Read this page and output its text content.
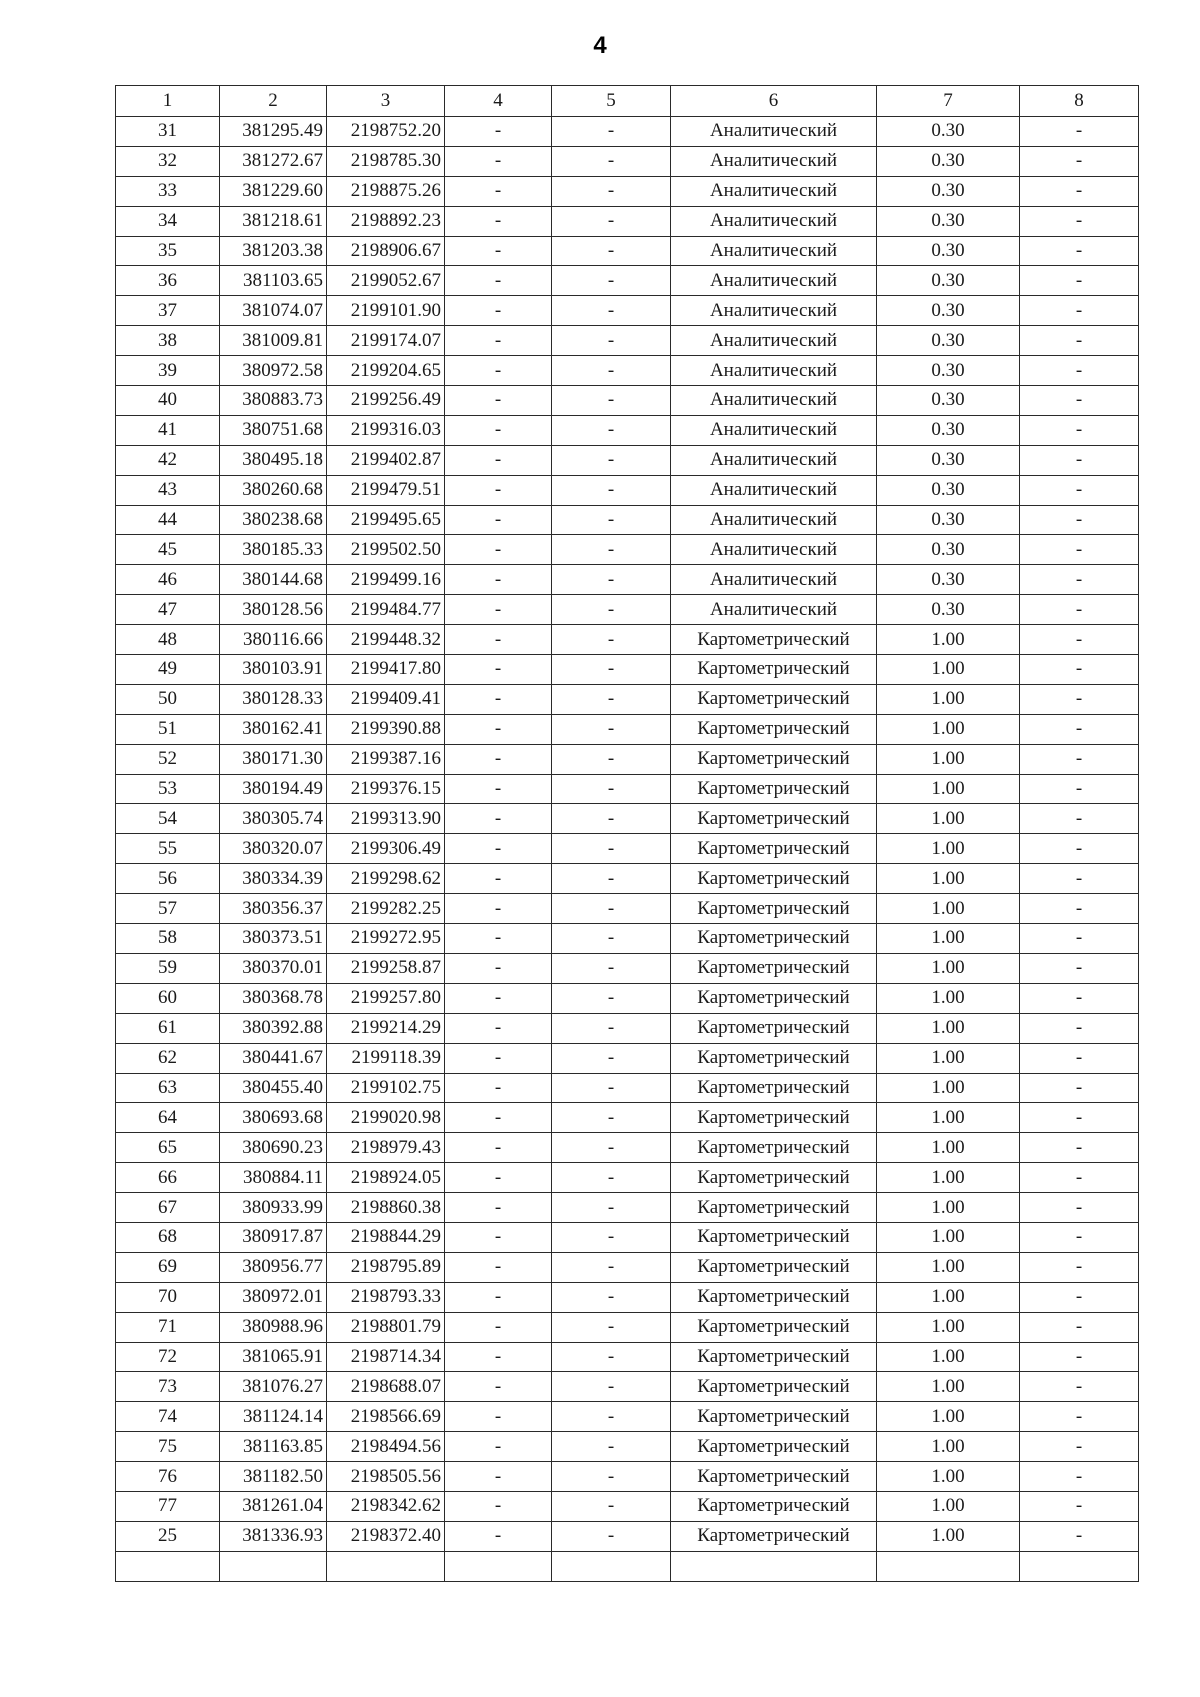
4
1	2	3	4	5	6	7	8
31	381295.49	2198752.20	-	-	Аналитический	0.30	-
32	381272.67	2198785.30	-	-	Аналитический	0.30	-
33	381229.60	2198875.26	-	-	Аналитический	0.30	-
34	381218.61	2198892.23	-	-	Аналитический	0.30	-
35	381203.38	2198906.67	-	-	Аналитический	0.30	-
36	381103.65	2199052.67	-	-	Аналитический	0.30	-
37	381074.07	2199101.90	-	-	Аналитический	0.30	-
38	381009.81	2199174.07	-	-	Аналитический	0.30	-
39	380972.58	2199204.65	-	-	Аналитический	0.30	-
40	380883.73	2199256.49	-	-	Аналитический	0.30	-
41	380751.68	2199316.03	-	-	Аналитический	0.30	-
42	380495.18	2199402.87	-	-	Аналитический	0.30	-
43	380260.68	2199479.51	-	-	Аналитический	0.30	-
44	380238.68	2199495.65	-	-	Аналитический	0.30	-
45	380185.33	2199502.50	-	-	Аналитический	0.30	-
46	380144.68	2199499.16	-	-	Аналитический	0.30	-
47	380128.56	2199484.77	-	-	Аналитический	0.30	-
48	380116.66	2199448.32	-	-	Картометрический	1.00	-
49	380103.91	2199417.80	-	-	Картометрический	1.00	-
50	380128.33	2199409.41	-	-	Картометрический	1.00	-
51	380162.41	2199390.88	-	-	Картометрический	1.00	-
52	380171.30	2199387.16	-	-	Картометрический	1.00	-
53	380194.49	2199376.15	-	-	Картометрический	1.00	-
54	380305.74	2199313.90	-	-	Картометрический	1.00	-
55	380320.07	2199306.49	-	-	Картометрический	1.00	-
56	380334.39	2199298.62	-	-	Картометрический	1.00	-
57	380356.37	2199282.25	-	-	Картометрический	1.00	-
58	380373.51	2199272.95	-	-	Картометрический	1.00	-
59	380370.01	2199258.87	-	-	Картометрический	1.00	-
60	380368.78	2199257.80	-	-	Картометрический	1.00	-
61	380392.88	2199214.29	-	-	Картометрический	1.00	-
62	380441.67	2199118.39	-	-	Картометрический	1.00	-
63	380455.40	2199102.75	-	-	Картометрический	1.00	-
64	380693.68	2199020.98	-	-	Картометрический	1.00	-
65	380690.23	2198979.43	-	-	Картометрический	1.00	-
66	380884.11	2198924.05	-	-	Картометрический	1.00	-
67	380933.99	2198860.38	-	-	Картометрический	1.00	-
68	380917.87	2198844.29	-	-	Картометрический	1.00	-
69	380956.77	2198795.89	-	-	Картометрический	1.00	-
70	380972.01	2198793.33	-	-	Картометрический	1.00	-
71	380988.96	2198801.79	-	-	Картометрический	1.00	-
72	381065.91	2198714.34	-	-	Картометрический	1.00	-
73	381076.27	2198688.07	-	-	Картометрический	1.00	-
74	381124.14	2198566.69	-	-	Картометрический	1.00	-
75	381163.85	2198494.56	-	-	Картометрический	1.00	-
76	381182.50	2198505.56	-	-	Картометрический	1.00	-
77	381261.04	2198342.62	-	-	Картометрический	1.00	-
25	381336.93	2198372.40	-	-	Картометрический	1.00	-
